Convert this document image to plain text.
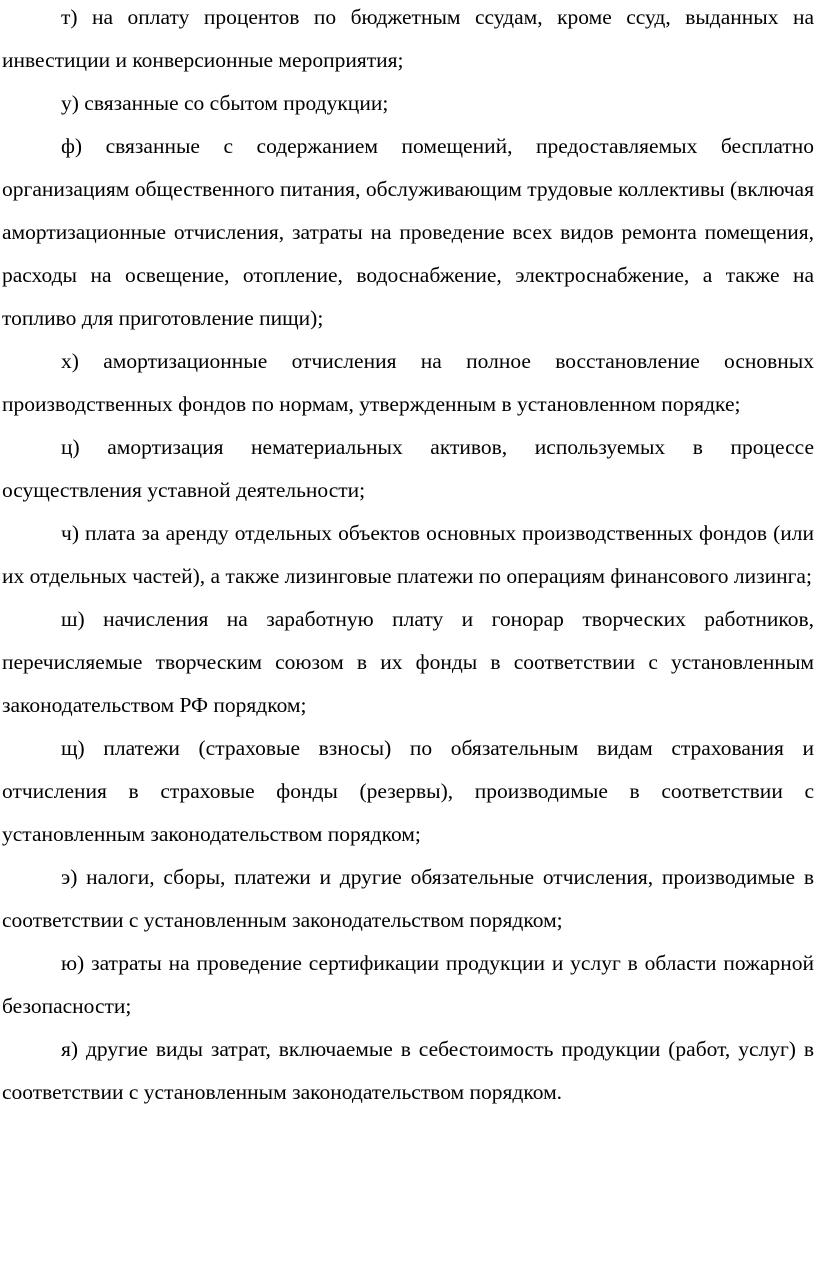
т) на оплату процентов по бюджетным ссудам, кроме ссуд, выданных на инвестиции и конверсионные мероприятия;

у) связанные со сбытом продукции;

ф) связанные с содержанием помещений, предоставляемых бесплатно организациям общественного питания, обслуживающим трудовые коллективы (включая амортизационные отчисления, затраты на проведение всех видов ремонта помещения, расходы на освещение, отопление, водоснабжение, электроснабжение, а также на топливо для приготовление пищи);

х) амортизационные отчисления на полное восстановление основных производственных фондов по нормам, утвержденным в установленном порядке;

ц) амортизация нематериальных активов, используемых в процессе осуществления уставной деятельности;

ч) плата за аренду отдельных объектов основных производственных фондов (или их отдельных частей), а также лизинговые платежи по операциям финансового лизинга;

ш) начисления на заработную плату и гонорар творческих работников, перечисляемые творческим союзом в их фонды в соответствии с установленным законодательством РФ порядком;

щ) платежи (страховые взносы) по обязательным видам страхования и отчисления в страховые фонды (резервы), производимые в соответствии с установленным законодательством порядком;

э) налоги, сборы, платежи и другие обязательные отчисления, производимые в соответствии с установленным законодательством порядком;

ю) затраты на проведение сертификации продукции и услуг в области пожарной безопасности;

я) другие виды затрат, включаемые в себестоимость продукции (работ, услуг) в соответствии с установленным законодательством порядком.
